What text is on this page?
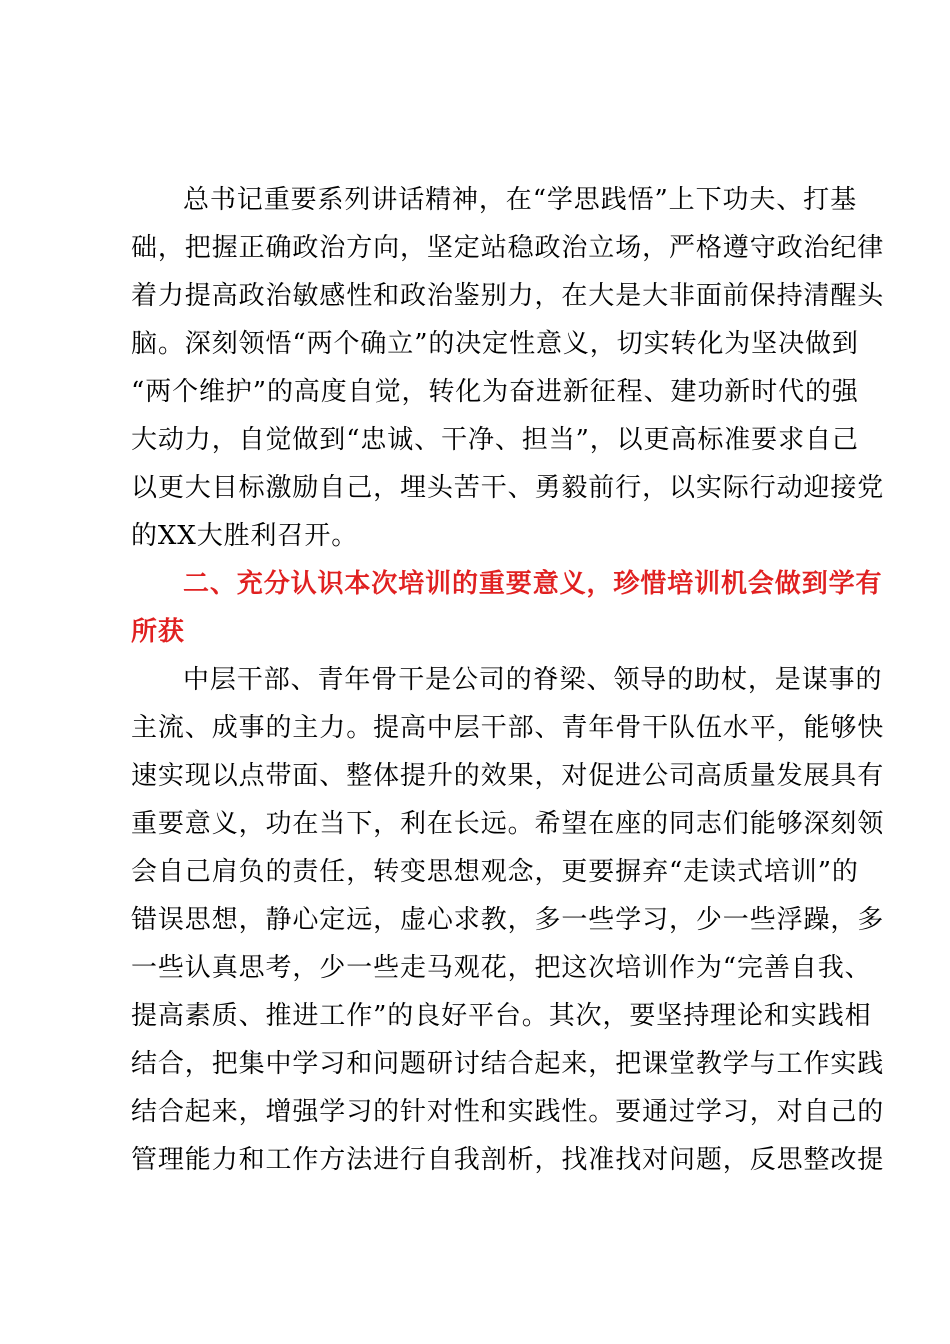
总书记重要系列讲话精神，在“学思践悟”上下功夫、打基

础，把握正确政治方向，坚定站稳政治立场，严格遵守政治纪律

着力提高政治敏感性和政治鉴别力，在大是大非面前保持清醒头

脑。深刻领悟“两个确立”的决定性意义，切实转化为坚决做到

“两个维护”的高度自觉，转化为奋进新征程、建功新时代的强

大动力，自觉做到“忠诚、干净、担当”，以更高标准要求自己

以更大目标激励自己，埋头苦干、勇毅前行，以实际行动迎接党

的XX大胜利召开。

二、充分认识本次培训的重要意义，珍惜培训机会做到学有

所获

中层干部、青年骨干是公司的脊梁、领导的助杖，是谋事的

主流、成事的主力。提高中层干部、青年骨干队伍水平，能够快

速实现以点带面、整体提升的效果，对促进公司高质量发展具有

重要意义，功在当下，利在长远。希望在座的同志们能够深刻领

会自己肩负的责任，转变思想观念，更要摒弃“走读式培训”的

错误思想，静心定远，虚心求教，多一些学习，少一些浮躁，多

一些认真思考，少一些走马观花，把这次培训作为“完善自我、

提高素质、推进工作”的良好平台。其次，要坚持理论和实践相

结合，把集中学习和问题研讨结合起来，把课堂教学与工作实践

结合起来，增强学习的针对性和实践性。要通过学习，对自己的

管理能力和工作方法进行自我剖析，找准找对问题，反思整改提
